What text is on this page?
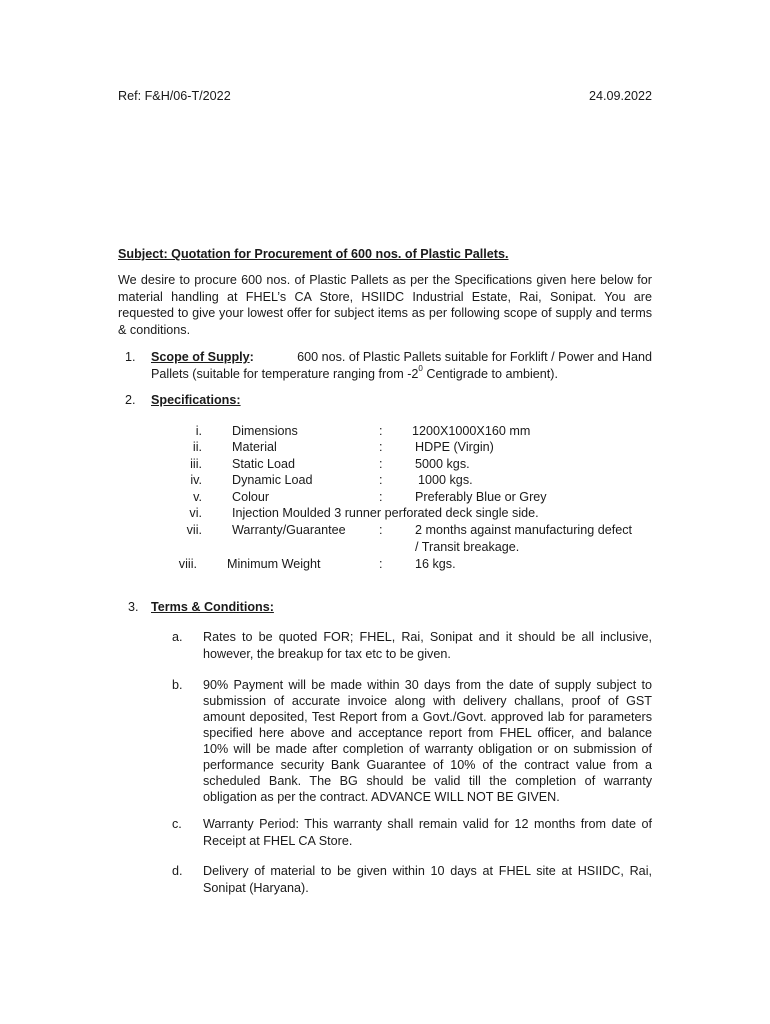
Ref: F&H/06-T/2022	24.09.2022
Subject: Quotation for Procurement of 600 nos. of Plastic Pallets.
We desire to procure 600 nos. of Plastic Pallets as per the Specifications given here below for material handling at FHEL’s CA Store, HSIIDC Industrial Estate, Rai, Sonipat. You are requested to give your lowest offer for subject items as per following scope of supply and terms & conditions.
1. Scope of Supply:	600 nos. of Plastic Pallets suitable for Forklift / Power and Hand
Pallets (suitable for temperature ranging from $-2^0$ Centigrade to ambient).
2. Specifications:
i. Dimensions	: 1200X1000X160 mm
ii. Material	:	HDPE (Virgin)
iii. Static Load	:	5000 kgs.
iv. Dynamic Load	:	1000 kgs.
v. Colour	:	Preferably Blue or Grey
vi. Injection Moulded 3 runner perforated deck single side.
vii. Warranty/Guarantee	:	2 months against manufacturing defect
/ Transit breakage.
viii. Minimum Weight	:	16 kgs.
3. Terms & Conditions:
a. Rates to be quoted FOR; FHEL, Rai, Sonipat and it should be all inclusive, however, the breakup for tax etc to be given.
b. 90% Payment will be made within 30 days from the date of supply subject to submission of accurate invoice along with delivery challans, proof of GST amount deposited, Test Report from a Govt./Govt. approved lab for parameters specified here above and acceptance report from FHEL officer, and balance 10% will be made after completion of warranty obligation or on submission of performance security Bank Guarantee of 10% of the contract value from a scheduled Bank. The BG should be valid till the completion of warranty obligation as per the contract. ADVANCE WILL NOT BE GIVEN.
c. Warranty Period: This warranty shall remain valid for 12 months from date of Receipt at FHEL CA Store.
d. Delivery of material to be given within 10 days at FHEL site at HSIIDC, Rai, Sonipat (Haryana).
